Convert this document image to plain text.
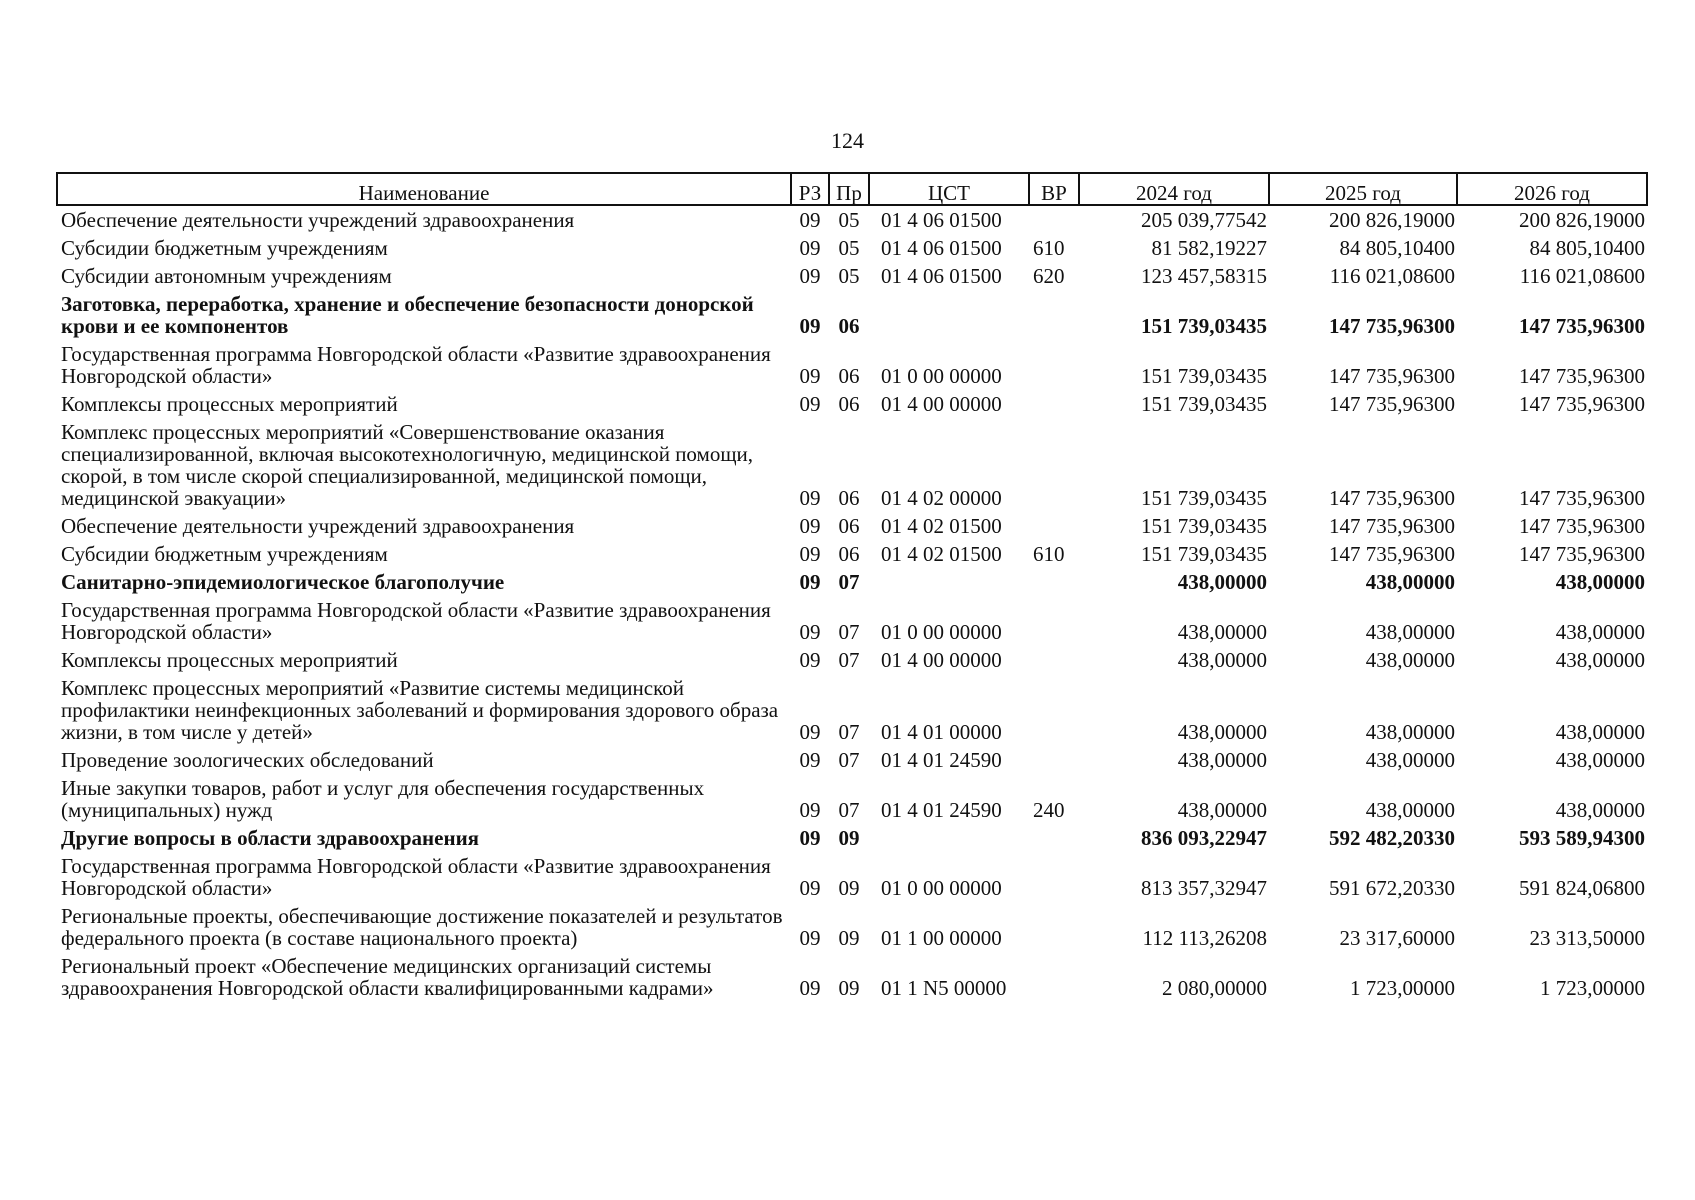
124
Наименование	РЗ	Пр	ЦСТ	ВР	2024 год	2025 год	2026 год
Обеспечение деятельности учреждений здравоохранения	09	05	01 4 06 01500		205 039,77542	200 826,19000	200 826,19000
Субсидии бюджетным учреждениям	09	05	01 4 06 01500	610	81 582,19227	84 805,10400	84 805,10400
Субсидии автономным учреждениям	09	05	01 4 06 01500	620	123 457,58315	116 021,08600	116 021,08600
Заготовка, переработка, хранение и обеспечение безопасности донорской крови и ее компонентов	09	06			151 739,03435	147 735,96300	147 735,96300
Государственная программа Новгородской области «Развитие здравоохранения Новгородской области»	09	06	01 0 00 00000		151 739,03435	147 735,96300	147 735,96300
Комплексы процессных мероприятий	09	06	01 4 00 00000		151 739,03435	147 735,96300	147 735,96300
Комплекс процессных мероприятий «Совершенствование оказания специализированной, включая высокотехнологичную, медицинской помощи, скорой, в том числе скорой специализированной, медицинской помощи, медицинской эвакуации»	09	06	01 4 02 00000		151 739,03435	147 735,96300	147 735,96300
Обеспечение деятельности учреждений здравоохранения	09	06	01 4 02 01500		151 739,03435	147 735,96300	147 735,96300
Субсидии бюджетным учреждениям	09	06	01 4 02 01500	610	151 739,03435	147 735,96300	147 735,96300
Санитарно-эпидемиологическое благополучие	09	07			438,00000	438,00000	438,00000
Государственная программа Новгородской области «Развитие здравоохранения Новгородской области»	09	07	01 0 00 00000		438,00000	438,00000	438,00000
Комплексы процессных мероприятий	09	07	01 4 00 00000		438,00000	438,00000	438,00000
Комплекс процессных мероприятий «Развитие системы медицинской профилактики неинфекционных заболеваний и формирования здорового образа жизни, в том числе у детей»	09	07	01 4 01 00000		438,00000	438,00000	438,00000
Проведение зоологических обследований	09	07	01 4 01 24590		438,00000	438,00000	438,00000
Иные закупки товаров, работ и услуг для обеспечения государственных (муниципальных) нужд	09	07	01 4 01 24590	240	438,00000	438,00000	438,00000
Другие вопросы в области здравоохранения	09	09			836 093,22947	592 482,20330	593 589,94300
Государственная программа Новгородской области «Развитие здравоохранения Новгородской области»	09	09	01 0 00 00000		813 357,32947	591 672,20330	591 824,06800
Региональные проекты, обеспечивающие достижение показателей и результатов федерального проекта (в составе национального проекта)	09	09	01 1 00 00000		112 113,26208	23 317,60000	23 313,50000
Региональный проект «Обеспечение медицинских организаций системы здравоохранения Новгородской области квалифицированными кадрами»	09	09	01 1 N5 00000		2 080,00000	1 723,00000	1 723,00000
